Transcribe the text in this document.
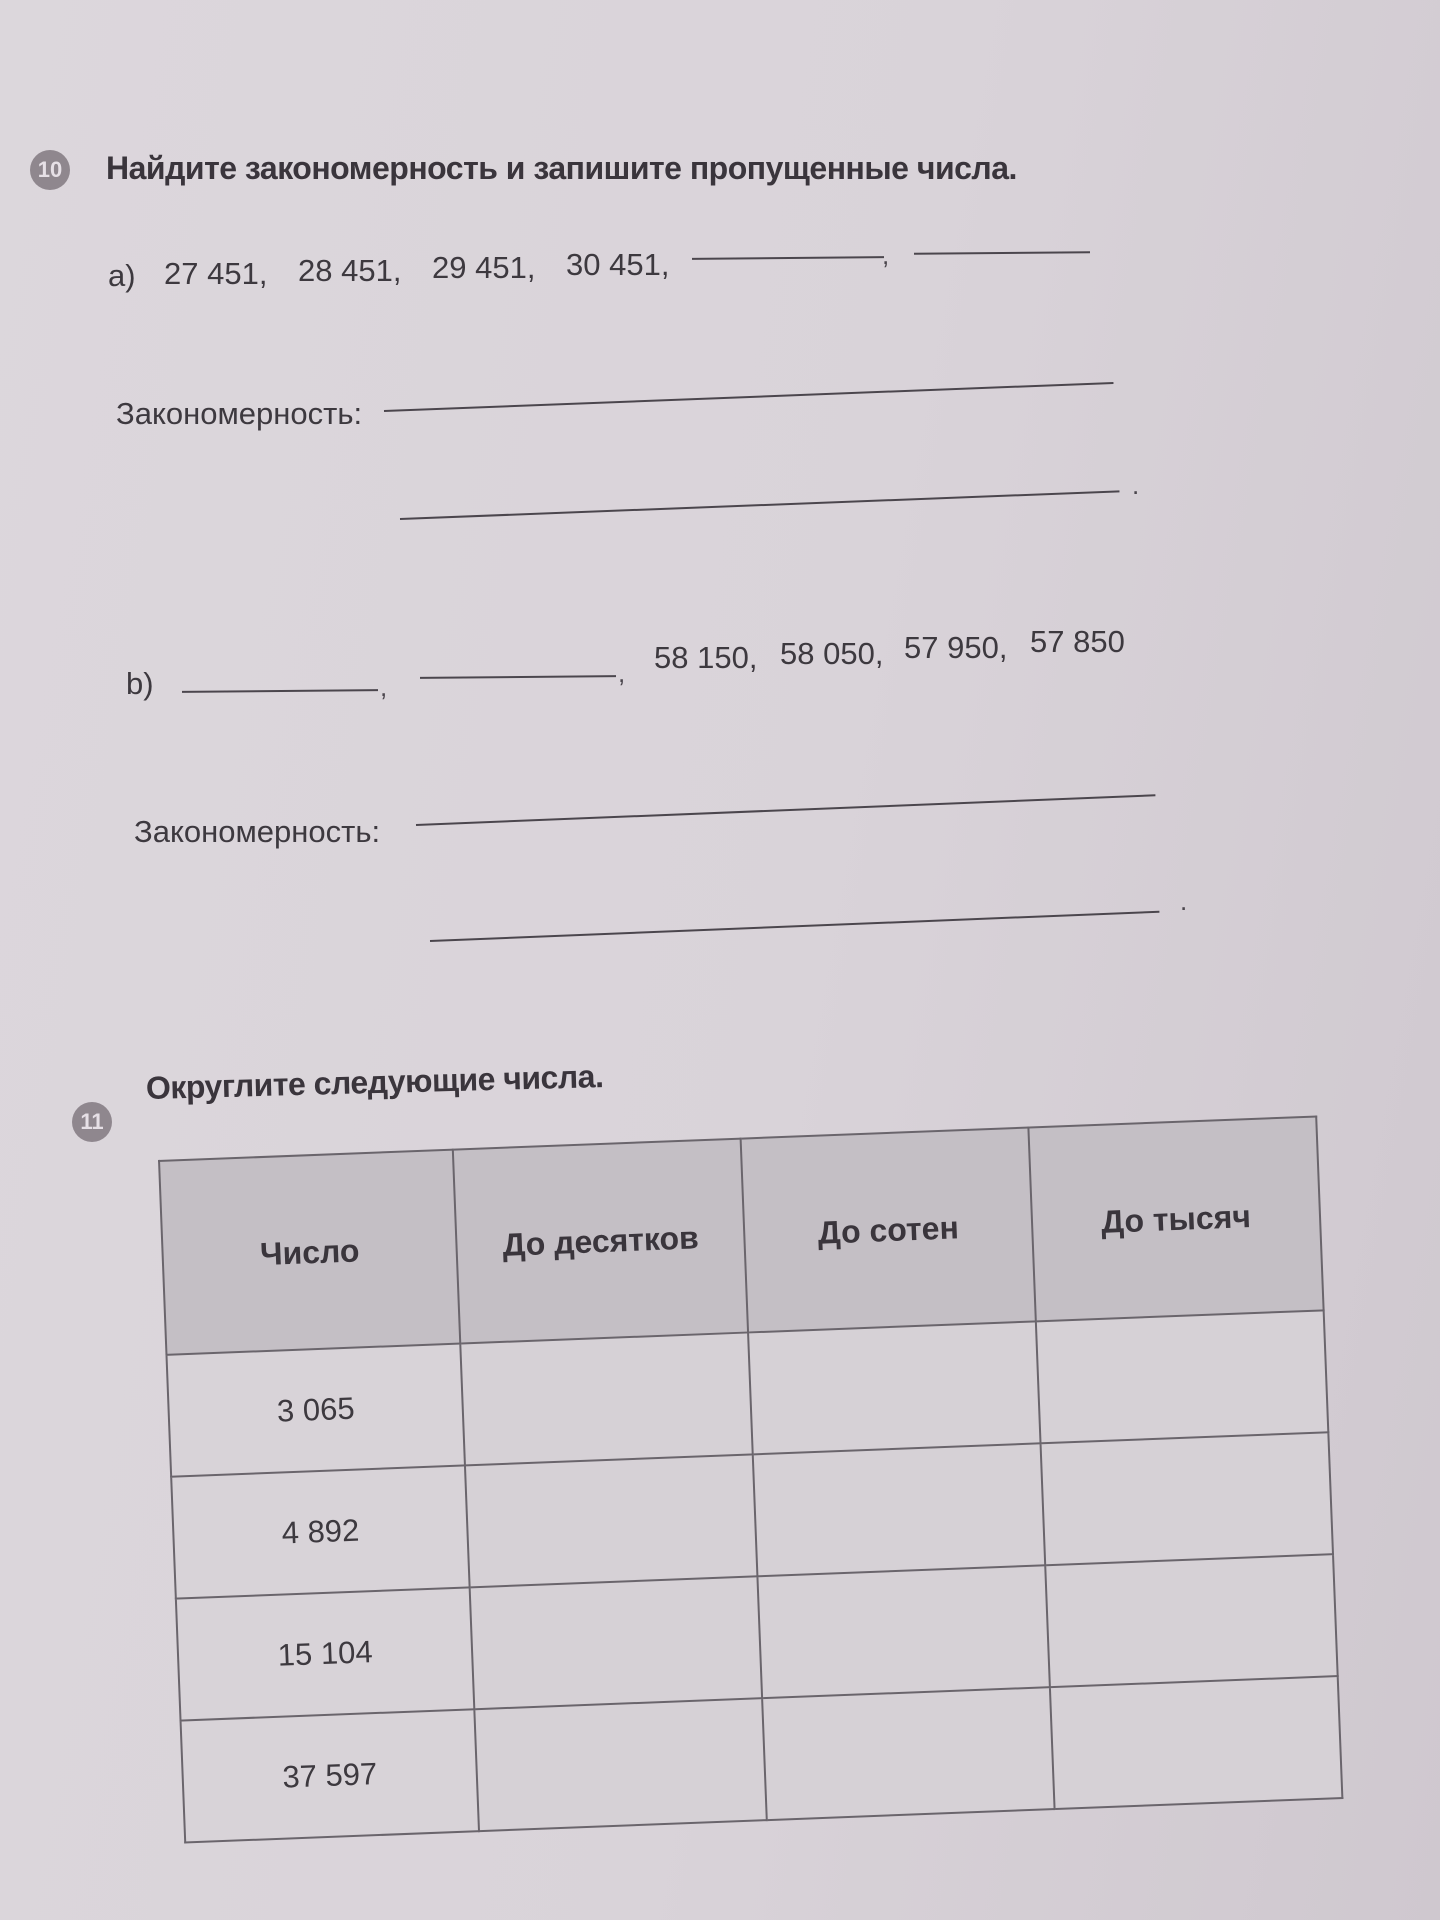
10 Найдите закономерность и запишите пропущенные числа.
a) 27 451, 28 451, 29 451, 30 451,	,
Закономерность:
.
b)	,	, 58 150, 58 050, 57 950, 57 850
Закономерность:
.
11
Округлите следующие числа.
Число	До десятков	До сотен	До тысяч
3 065			
4 892			
15 104			
37 597			
